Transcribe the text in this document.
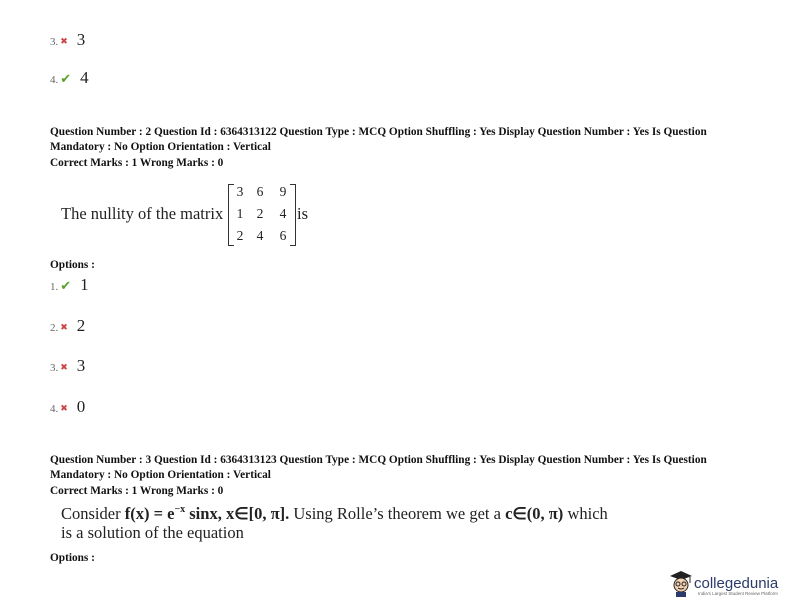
3. ✖ 3
4. ✔ 4
Question Number : 2 Question Id : 6364313122 Question Type : MCQ Option Shuffling : Yes Display Question Number : Yes Is Question
Mandatory : No Option Orientation : Vertical
Correct Marks : 1 Wrong Marks : 0
The nullity of the matrix
3 6	9
1 2	4
2 4	6
is
Options :
1. ✔ 1
2. ✖ 2
3. ✖ 3
4. ✖ 0
Question Number : 3 Question Id : 6364313123 Question Type : MCQ Option Shuffling : Yes Display Question Number : Yes Is Question
Mandatory : No Option Orientation : Vertical
Correct Marks : 1 Wrong Marks : 0
Consider $f(x) = e^{-x}$ sinx, x∈[0, π]. Using Rolle’s theorem we get a c∈(0, π) which
is a solution of the equation
Options :
collegedunia
India's Largest Student Review Platform
